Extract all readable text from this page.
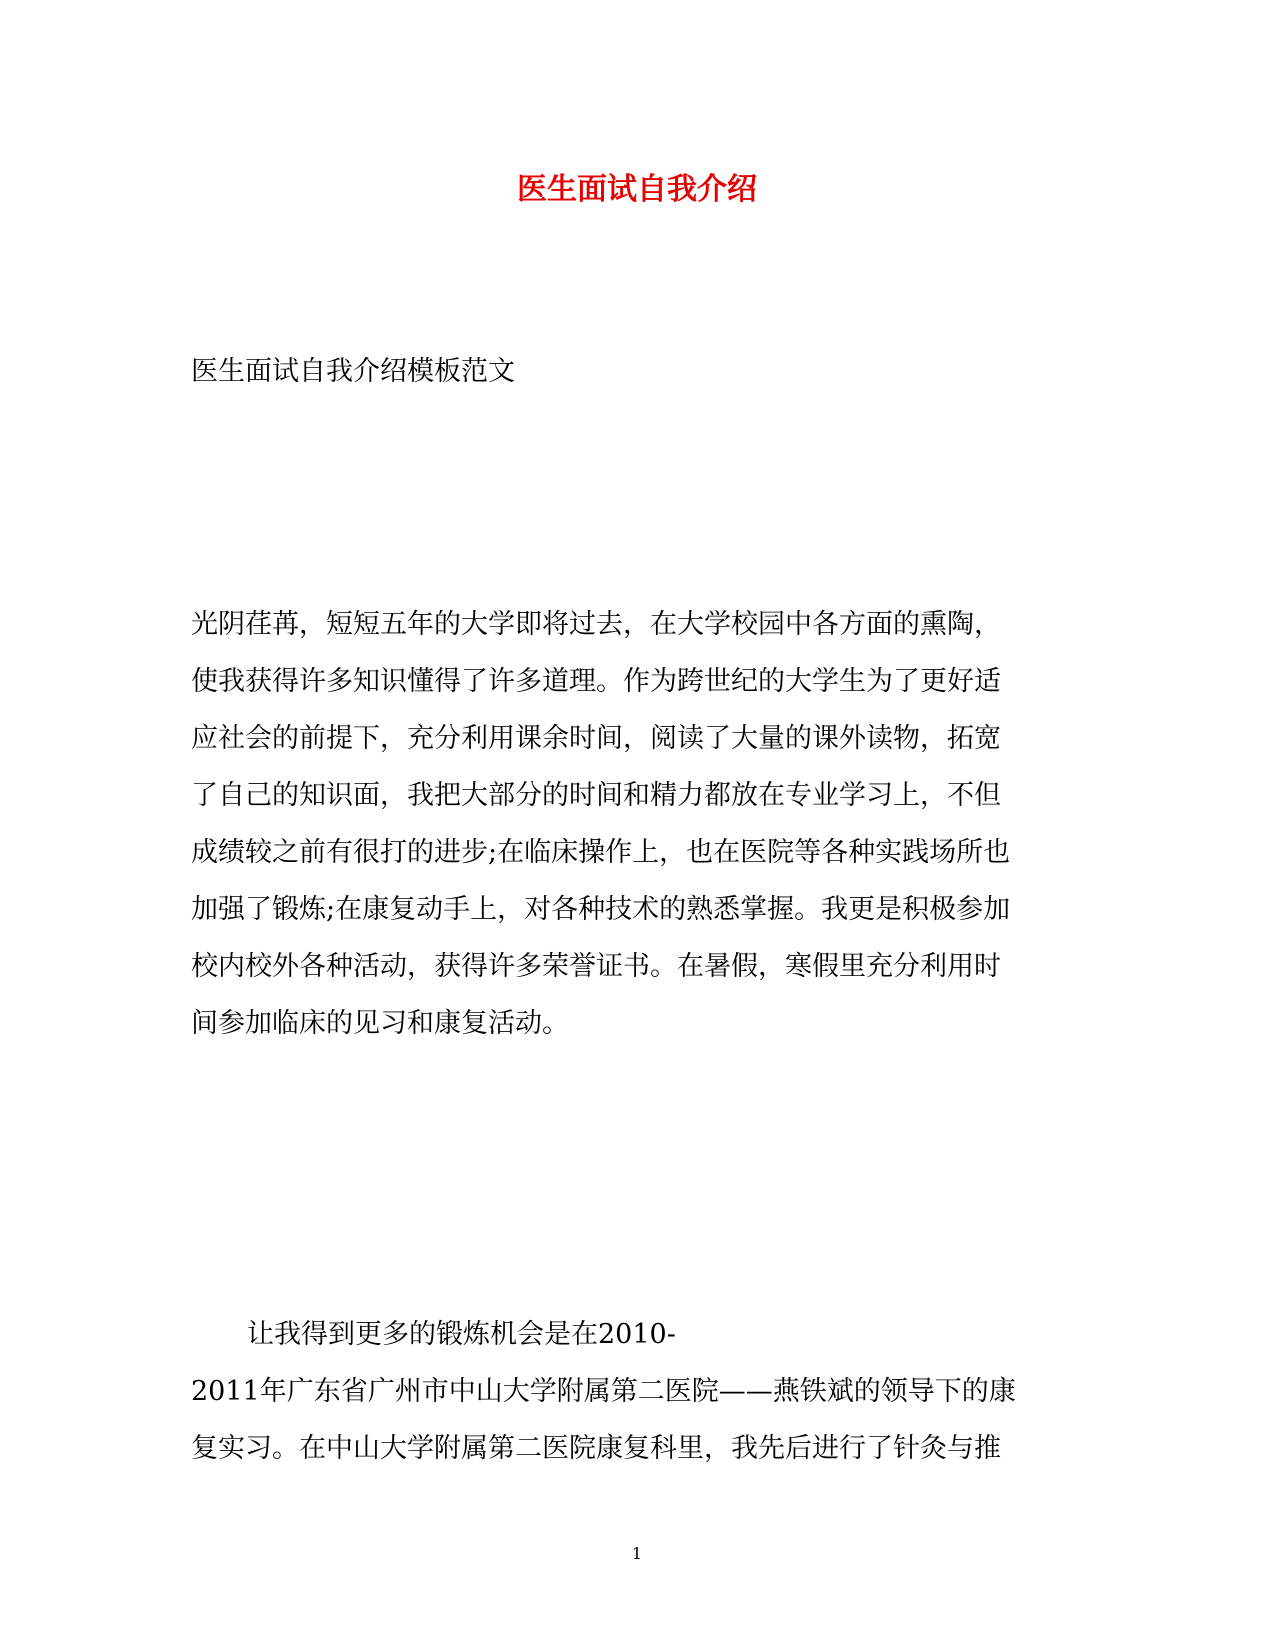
医生面试自我介绍
医生面试自我介绍模板范文
光阴荏苒，短短五年的大学即将过去，在大学校园中各方面的熏陶，
使我获得许多知识懂得了许多道理。作为跨世纪的大学生为了更好适
应社会的前提下，充分利用课余时间，阅读了大量的课外读物，拓宽
了自己的知识面，我把大部分的时间和精力都放在专业学习上，不但
成绩较之前有很打的进步;在临床操作上，也在医院等各种实践场所也
加强了锻炼;在康复动手上，对各种技术的熟悉掌握。我更是积极参加
校内校外各种活动，获得许多荣誉证书。在暑假，寒假里充分利用时
间参加临床的见习和康复活动。
让我得到更多的锻炼机会是在2010-
2011年广东省广州市中山大学附属第二医院——燕铁斌的领导下的康
复实习。在中山大学附属第二医院康复科里，我先后进行了针灸与推
1
